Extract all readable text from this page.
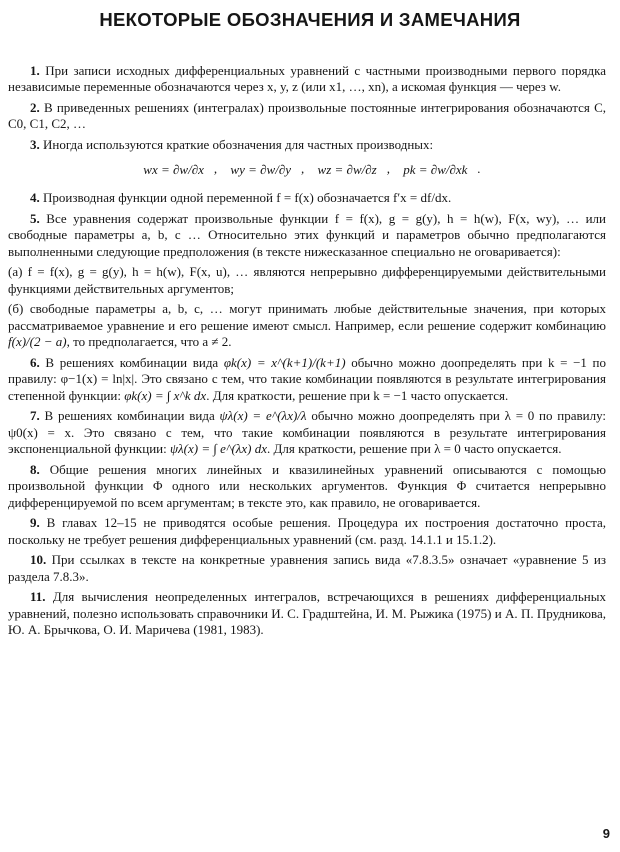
НЕКОТОРЫЕ ОБОЗНАЧЕНИЯ И ЗАМЕЧАНИЯ

1. При записи исходных дифференциальных уравнений с частными производными первого порядка независимые переменные обозначаются через x, y, z (или x1, …, xn), а искомая функция — через w.

2. В приведенных решениях (интегралах) произвольные постоянные интегрирования обозначаются C, C0, C1, C2, …

3. Иногда используются краткие обозначения для частных производных:

wx = ∂w/∂x , wy = ∂w/∂y , wz = ∂w/∂z , pk = ∂w/∂xk .

4. Производная функции одной переменной f = f(x) обозначается f′x = df/dx.

5. Все уравнения содержат произвольные функции f = f(x), g = g(y), h = h(w), F(x, wy), … или свободные параметры a, b, c … Относительно этих функций и параметров обычно предполагаются выполненными следующие предположения (в тексте нижесказанное специально не оговаривается):

(а) f = f(x), g = g(y), h = h(w), F(x, u), … являются непрерывно дифференцируемыми действительными функциями действительных аргументов;

(б) свободные параметры a, b, c, … могут принимать любые действительные значения, при которых рассматриваемое уравнение и его решение имеют смысл. Например, если решение содержит комбинацию f(x)/(2 − a), то предполагается, что a ≠ 2.

6. В решениях комбинации вида φk(x) = x^(k+1)/(k+1) обычно можно доопределять при k = −1 по правилу: φ−1(x) = ln|x|. Это связано с тем, что такие комбинации появляются в результате интегрирования степенной функции: φk(x) = ∫ x^k dx. Для краткости, решение при k = −1 часто опускается.

7. В решениях комбинации вида ψλ(x) = e^(λx)/λ обычно можно доопределять при λ = 0 по правилу: ψ0(x) = x. Это связано с тем, что такие комбинации появляются в результате интегрирования экспоненциальной функции: ψλ(x) = ∫ e^(λx) dx. Для краткости, решение при λ = 0 часто опускается.

8. Общие решения многих линейных и квазилинейных уравнений описываются с помощью произвольной функции Φ одного или нескольких аргументов. Функция Φ считается непрерывно дифференцируемой по всем аргументам; в тексте это, как правило, не оговаривается.

9. В главах 12–15 не приводятся особые решения. Процедура их построения достаточно проста, поскольку не требует решения дифференциальных уравнений (см. разд. 14.1.1 и 15.1.2).

10. При ссылках в тексте на конкретные уравнения запись вида «7.8.3.5» означает «уравнение 5 из раздела 7.8.3».

11. Для вычисления неопределенных интегралов, встречающихся в решениях дифференциальных уравнений, полезно использовать справочники И. С. Градштейна, И. М. Рыжика (1975) и А. П. Прудникова, Ю. А. Брычкова, О. И. Маричева (1981, 1983).

9
